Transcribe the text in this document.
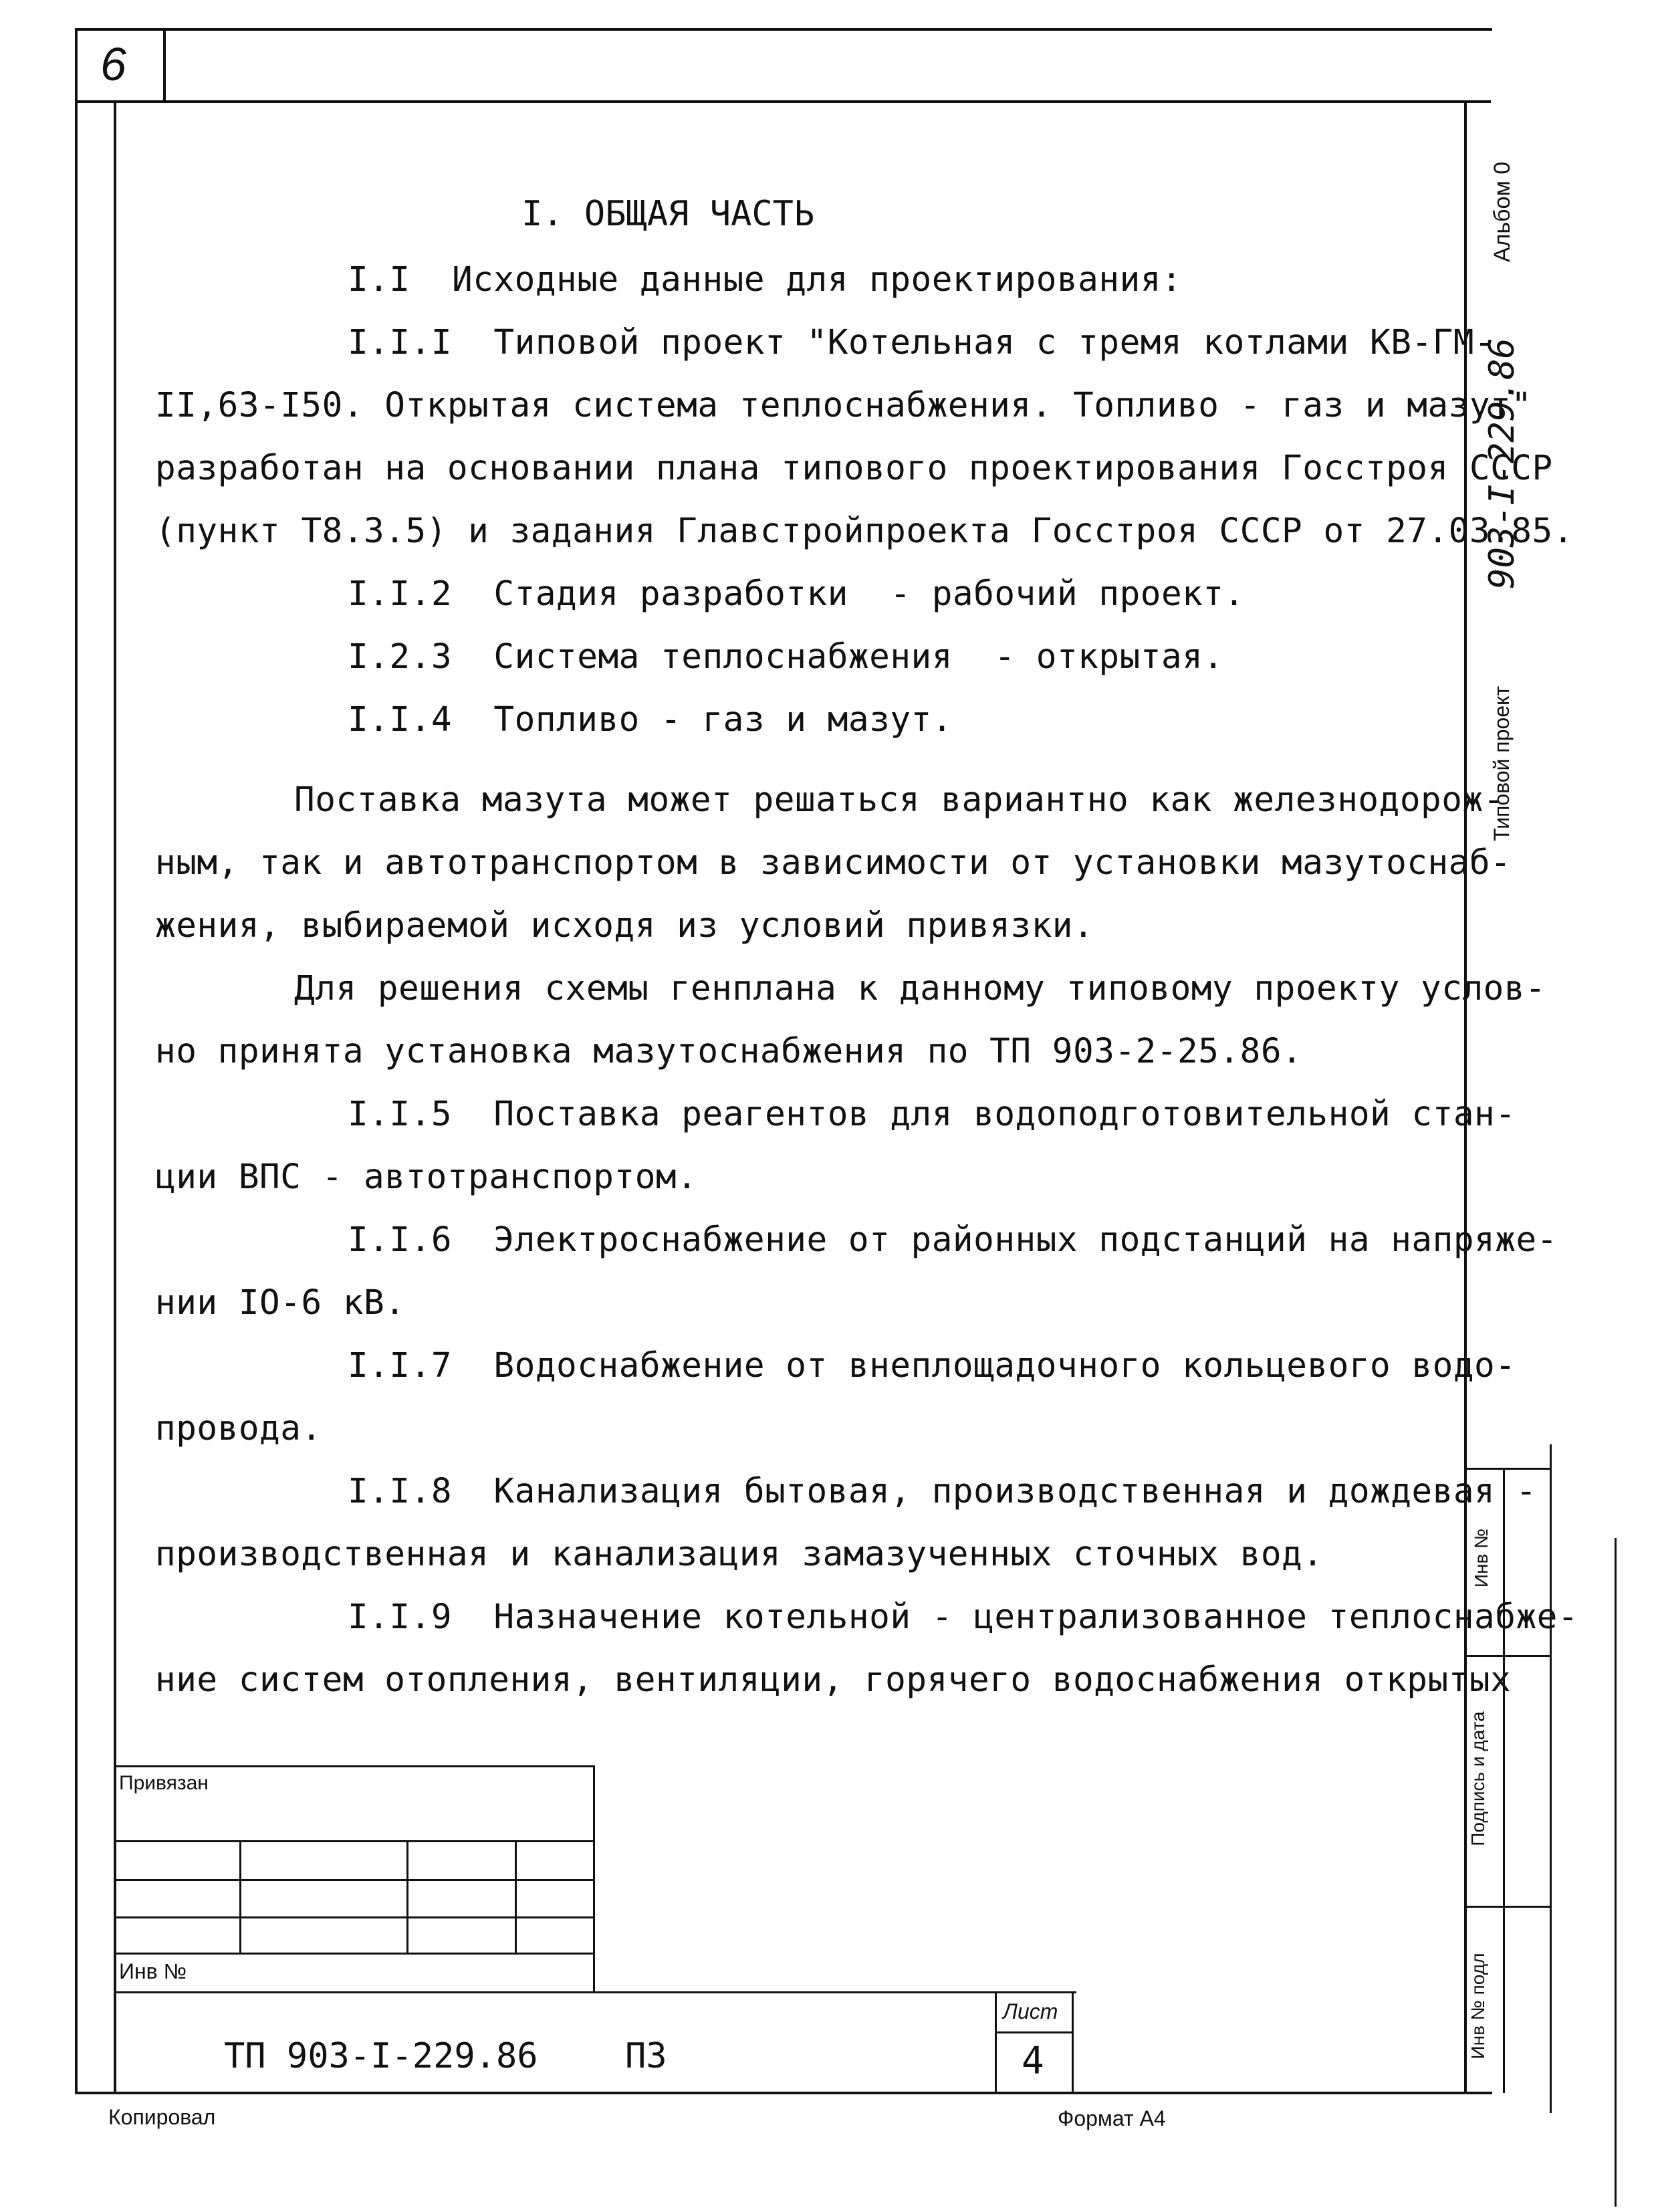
6
Альбом 0
903-I-229.86
Типовой проект
Инв №
Подпись и дата
Инв № подл
I. ОБЩАЯ ЧАСТЬ
I.I  Исходные данные для проектирования:
I.I.I  Типовой проект "Котельная с тремя котлами КВ-ГМ-
II,63-I50. Открытая система теплоснабжения. Топливо - газ и мазут"
разработан на основании плана типового проектирования Госстроя СССР
(пункт Т8.3.5) и задания Главстройпроекта Госстроя СССР от 27.03.85.
I.I.2  Стадия разработки  - рабочий проект.
I.2.3  Система теплоснабжения  - открытая.
I.I.4  Топливо - газ и мазут.
Поставка мазута может решаться вариантно как железнодорож-
ным, так и автотранспортом в зависимости от установки мазутоснаб-
жения, выбираемой исходя из условий привязки.
Для решения схемы генплана к данному типовому проекту услов-
но принята установка мазутоснабжения по ТП 903-2-25.86.
I.I.5  Поставка реагентов для водоподготовительной стан-
ции ВПС - автотранспортом.
I.I.6  Электроснабжение от районных подстанций на напряже-
нии IO-6 кВ.
I.I.7  Водоснабжение от внеплощадочного кольцевого водо-
провода.
I.I.8  Канализация бытовая, производственная и дождевая -
производственная и канализация замазученных сточных вод.
I.I.9  Назначение котельной - централизованное теплоснабже-
ние систем отопления, вентиляции, горячего водоснабжения открытых
Привязан
Инв №
ТП 903-I-229.86	ПЗ
Лист
4
Копировал	Формат А4
